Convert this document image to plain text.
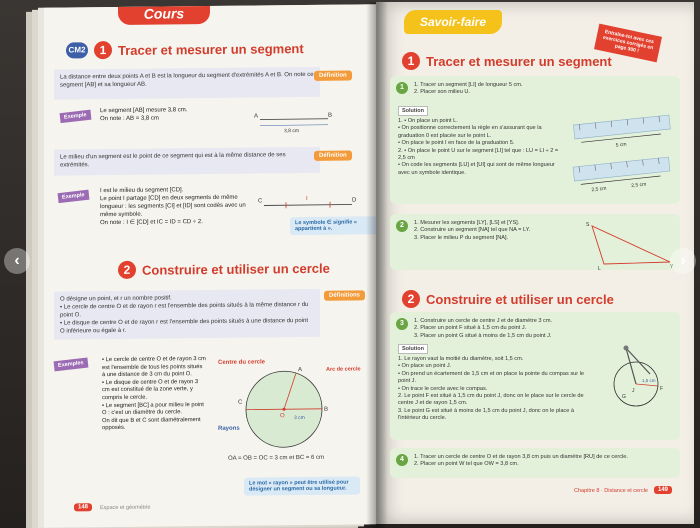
Cours
CM2	1 Tracer et mesurer un segment
La distance entre deux points A et B est la longueur du segment d'extrémités A et B. On note ce segment [AB] et sa longueur AB.
Définition
Exemple
Le segment [AB] mesure 3,8 cm.
On note : AB = 3,8 cm	A	B
3,8 cm
Le milieu d'un segment est le point de ce segment qui est à la même distance de ses extrémités.
Définition
Exemple
I est le milieu du segment [CD].
Le point I partage [CD] en deux segments de même longueur : les segments [CI] et [ID] sont codés avec un même symbole.
On note : I ∈ [CD] et IC = ID = CD ÷ 2.
C	I	D
Le symbole ∈ signifie « appartient à ».
2 Construire et utiliser un cercle
O désigne un point, et r un nombre positif.
• Le cercle de centre O et de rayon r est l'ensemble des points situés à la même distance r du point O.
• Le disque de centre O et de rayon r est l'ensemble des points situés à une distance du point O inférieure ou égale à r.
Définitions
Exemples
• Le cercle de centre O et de rayon 3 cm est l'ensemble de tous les points situés à une distance de 3 cm du point O.
• Le disque de centre O et de rayon 3 cm est constitué de la zone verte, y compris le cercle.
• Le segment [BC] a pour milieu le point O : c'est un diamètre du cercle.
On dit que B et C sont diamétralement opposés.
Centre du cercle
Arc de cercle
O
A
B
C
3 cm
Rayons
OA = OB = OC = 3 cm et BC = 6 cm
Le mot « rayon » peut être utilisé pour désigner un segment ou sa longueur.
148	Espace et géométrie
Savoir-faire
Entraîne-toi avec ces exercices corrigés en page 300 !
1 Tracer et mesurer un segment
1	1. Tracer un segment [LI] de longueur 5 cm.
2. Placer son milieu U.
Solution
1. • On place un point L.
• On positionne correctement la règle en s'assurant que la graduation 0 est placée sur le point L.
• On place le point I en face de la graduation 5.
2. • On place le point U sur le segment [LI] tel que : LU = LI ÷ 2 = 2,5 cm
• On code les segments [LU] et [UI] qui sont de même longueur avec un symbole identique.
5 cm
2,5 cm
2,5 cm
2	1. Mesurer les segments [LY], [LS] et [YS].
2. Construire un segment [NA] tel que NA = LY.
3. Placer le milieu P du segment [NA].
S
L	Y
2 Construire et utiliser un cercle
3	1. Construire un cercle de centre J et de diamètre 3 cm.
2. Placer un point F situé à 1,5 cm du point J.
3. Placer un point G situé à moins de 1,5 cm du point J.
Solution
1. Le rayon vaut la moitié du diamètre, soit 1,5 cm.
• On place un point J.
• On prend un écartement de 1,5 cm et on place la pointe du compas sur le point J.
• On trace le cercle avec le compas.
2. Le point F est situé à 1,5 cm du point J, donc on le place sur le cercle de centre J et de rayon 1,5 cm.
3. Le point G est situé à moins de 1,5 cm du point J, donc on le place à l'intérieur du cercle.
J	F
G
1,5 cm
4	1. Tracer un cercle de centre O et de rayon 3,8 cm puis un diamètre [RU] de ce cercle.
2. Placer un point W tel que OW = 3,8 cm.
Chapitre 8 · Distance et cercle	149
‹	›
